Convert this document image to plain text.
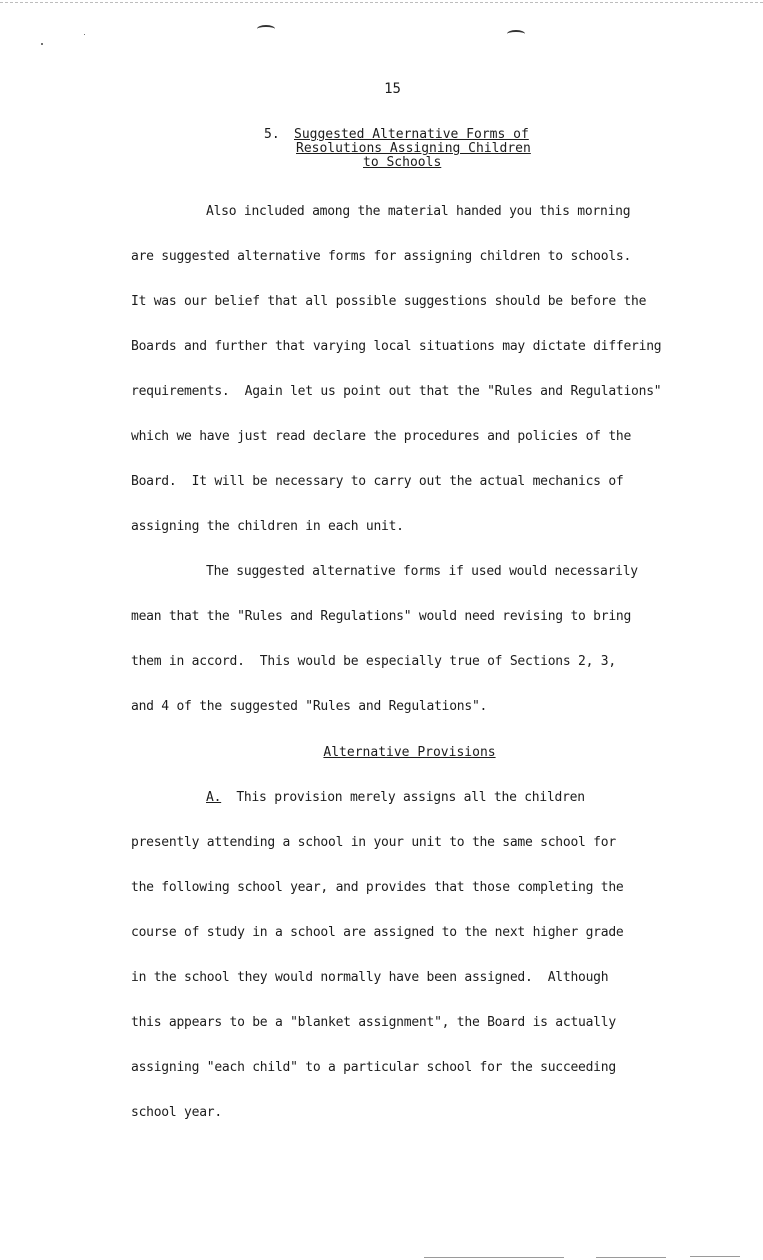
15
5. Suggested Alternative Forms of
Resolutions Assigning Children
to Schools
Also included among the material handed you this morning
are suggested alternative forms for assigning children to schools.
It was our belief that all possible suggestions should be before the
Boards and further that varying local situations may dictate differing
requirements.  Again let us point out that the "Rules and Regulations"
which we have just read declare the procedures and policies of the
Board.  It will be necessary to carry out the actual mechanics of
assigning the children in each unit.
The suggested alternative forms if used would necessarily
mean that the "Rules and Regulations" would need revising to bring
them in accord.  This would be especially true of Sections 2, 3,
and 4 of the suggested "Rules and Regulations".
Alternative Provisions
A. This provision merely assigns all the children
presently attending a school in your unit to the same school for
the following school year, and provides that those completing the
course of study in a school are assigned to the next higher grade
in the school they would normally have been assigned.  Although
this appears to be a "blanket assignment", the Board is actually
assigning "each child" to a particular school for the succeeding
school year.
